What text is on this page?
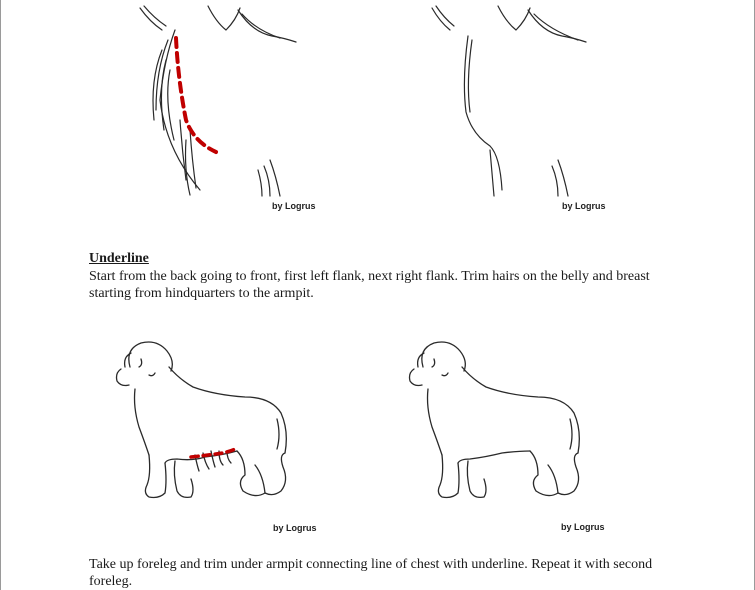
by Logrus	by Logrus
Underline

Start from the back going to front, first left flank, next right flank. Trim hairs on the belly and breast starting from hindquarters to the armpit.

by Logrus	by Logrus

Take up foreleg and trim under armpit connecting line of chest with underline. Repeat it with second foreleg.
